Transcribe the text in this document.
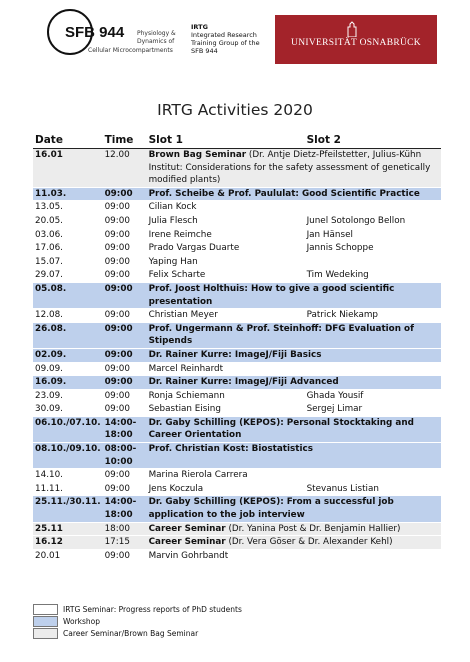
SFB 944 Physiology &
Dynamics of
Cellular Microcompartments
IRTG
Integrated Research
Training Group of the
SFB 944
UNIVERSITÄT OSNABRÜCK
IRTG Activities 2020
Date	Time	Slot 1	Slot 2
16.01	12.00	Brown Bag Seminar (Dr. Antje Dietz-Pfeilstetter, Julius-Kühn Institut: Considerations for the safety assessment of genetically modified plants)	
11.03.	09:00	Prof. Scheibe & Prof. Paululat: Good Scientific Practice	
13.05.	09:00	Cilian Kock	
20.05.	09:00	Julia Flesch	Junel Sotolongo Bellon
03.06.	09:00	Irene Reimche	Jan Hänsel
17.06.	09:00	Prado Vargas Duarte	Jannis Schoppe
15.07.	09:00	Yaping Han	
29.07.	09:00	Felix Scharte	Tim Wedeking
05.08.	09:00	Prof. Joost Holthuis: How to give a good scientific presentation	
12.08.	09:00	Christian Meyer	Patrick Niekamp
26.08.	09:00	Prof. Ungermann & Prof. Steinhoff: DFG Evaluation of Stipends	
02.09.	09:00	Dr. Rainer Kurre: ImageJ/Fiji Basics	
09.09.	09:00	Marcel Reinhardt	
16.09.	09:00	Dr. Rainer Kurre: ImageJ/Fiji Advanced	
23.09.	09:00	Ronja Schiemann	Ghada Yousif
30.09.	09:00	Sebastian Eising	Sergej Limar
06.10./07.10.	14:00-18:00	Dr. Gaby Schilling (KEPOS): Personal Stocktaking and Career Orientation	
08.10./09.10.	08:00-10:00	Prof. Christian Kost: Biostatistics	
14.10.	09:00	Marina Rierola Carrera	
11.11.	09:00	Jens Koczula	Stevanus Listian
25.11./30.11.	14:00-18:00	Dr. Gaby Schilling (KEPOS): From a successful job application to the job interview	
25.11	18:00	Career Seminar (Dr. Yanina Post & Dr. Benjamin Hallier)	
16.12	17:15	Career Seminar (Dr. Vera Göser & Dr. Alexander Kehl)	
20.01	09:00	Marvin Gohrbandt	
IRTG Seminar: Progress reports of PhD students
Workshop
Career Seminar/Brown Bag Seminar
